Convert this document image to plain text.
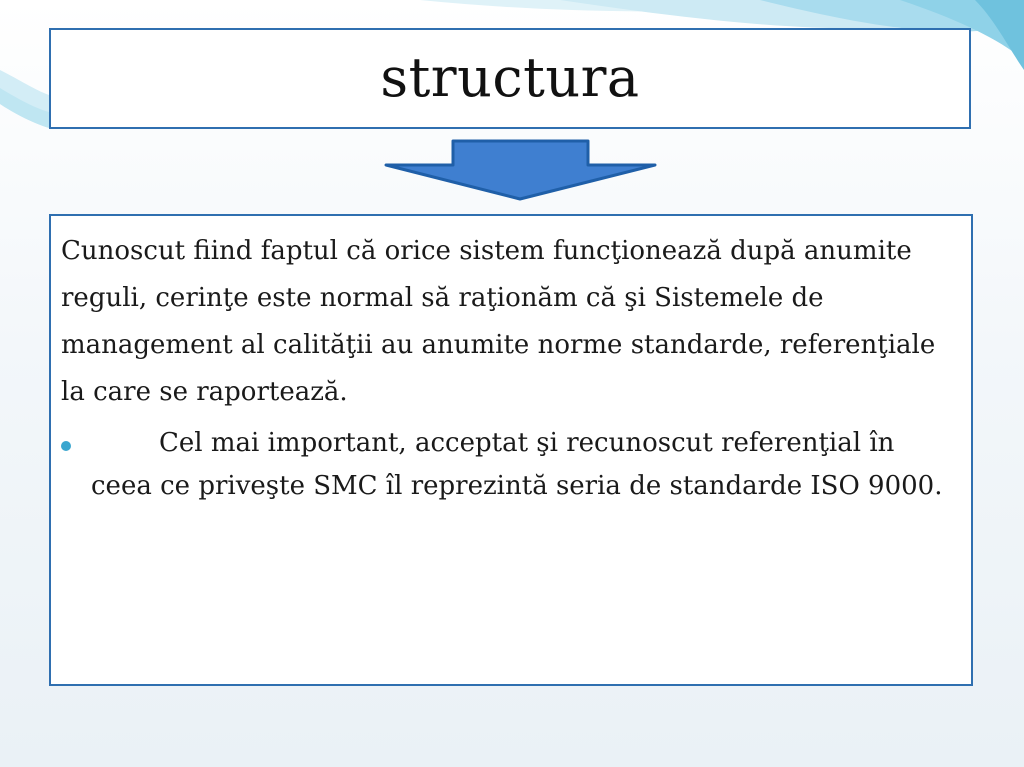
structura

Cunoscut fiind faptul că orice sistem funcţionează după anumite reguli, cerinţe este normal să raţionăm că şi Sistemele de management al calităţii au anumite norme standarde, referenţiale la care se raportează.

Cel mai important, acceptat şi recunoscut referenţial în ceea ce priveşte SMC îl reprezintă seria de standarde ISO 9000.
